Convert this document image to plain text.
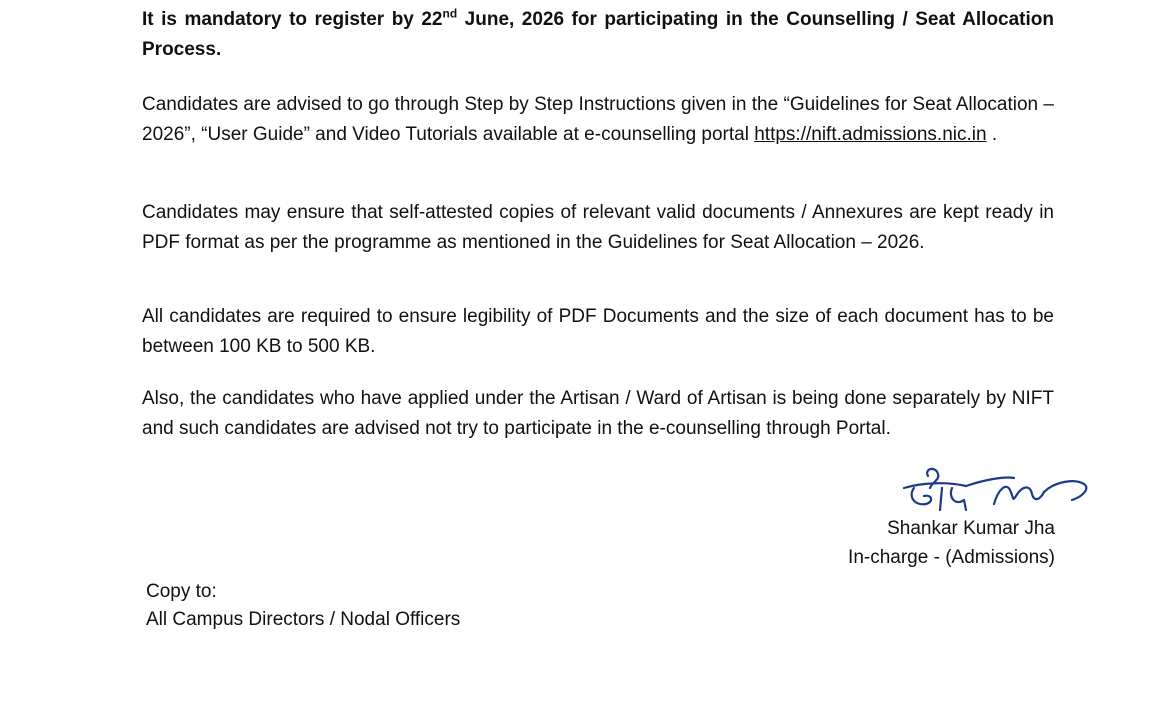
It is mandatory to register by 22nd June, 2026 for participating in the Counselling / Seat Allocation Process.

Candidates are advised to go through Step by Step Instructions given in the “Guidelines for Seat Allocation – 2026”, “User Guide” and Video Tutorials available at e-counselling portal https://nift.admissions.nic.in .

Candidates may ensure that self-attested copies of relevant valid documents / Annexures are kept ready in PDF format as per the programme as mentioned in the Guidelines for Seat Allocation – 2026.

All candidates are required to ensure legibility of PDF Documents and the size of each document has to be between 100 KB to 500 KB.

Also, the candidates who have applied under the Artisan / Ward of Artisan is being done separately by NIFT and such candidates are advised not try to participate in the e-counselling through Portal.

Shankar Kumar Jha
In-charge - (Admissions)
Copy to:
All Campus Directors / Nodal Officers
